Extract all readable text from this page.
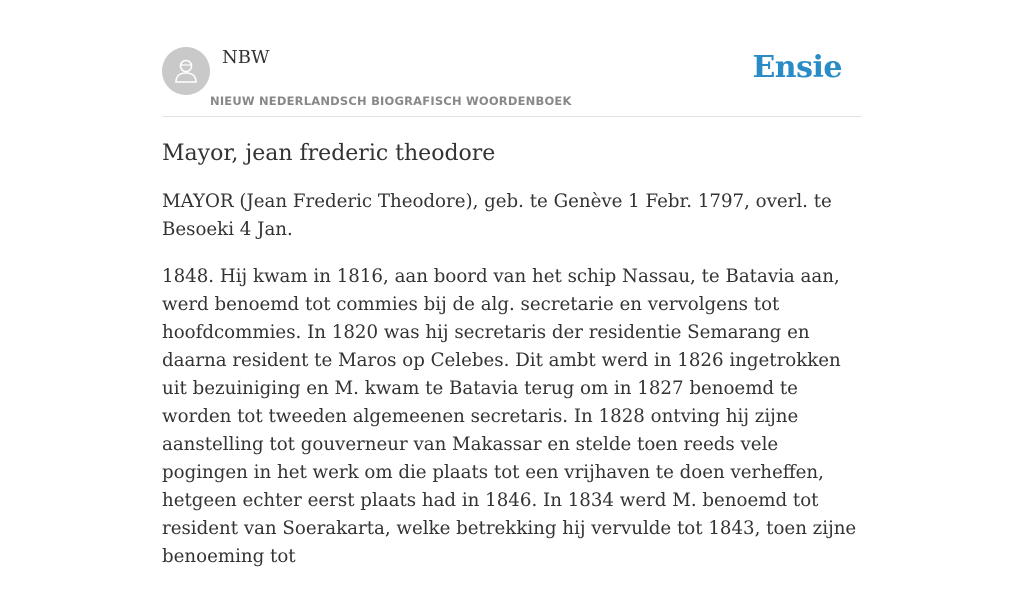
NBW
NIEUW NEDERLANDSCH BIOGRAFISCH WOORDENBOEK
Ensie
Mayor, jean frederic theodore

MAYOR (Jean Frederic Theodore), geb. te Genève 1 Febr. 1797, overl. te Besoeki 4 Jan.

1848. Hij kwam in 1816, aan boord van het schip Nassau, te Batavia aan, werd benoemd tot commies bij de alg. secretarie en vervolgens tot hoofdcommies. In 1820 was hij secretaris der residentie Semarang en daarna resident te Maros op Celebes. Dit ambt werd in 1826 ingetrokken uit bezuiniging en M. kwam te Batavia terug om in 1827 benoemd te worden tot tweeden algemeenen secretaris. In 1828 ontving hij zijne aanstelling tot gouverneur van Makassar en stelde toen reeds vele pogingen in het werk om die plaats tot een vrijhaven te doen verheffen, hetgeen echter eerst plaats had in 1846. In 1834 werd M. benoemd tot resident van Soerakarta, welke betrekking hij vervulde tot 1843, toen zijne benoeming tot
